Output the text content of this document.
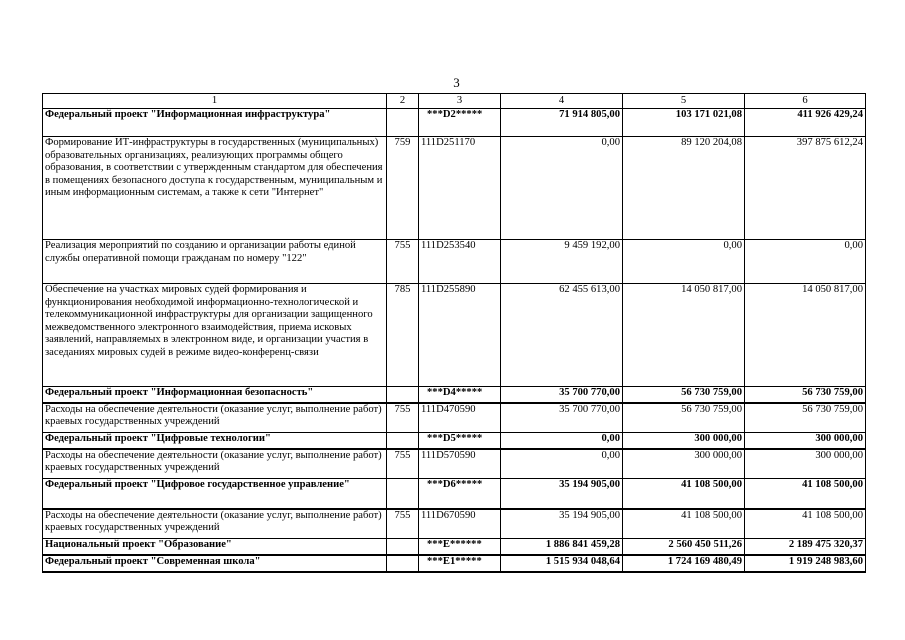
3
1	2	3	4	5	6
Федеральный проект "Информационная инфраструктура"		***D2*****	71 914 805,00	103 171 021,08	411 926 429,24
Формирование ИТ-инфраструктуры в государственных (муниципальных) образовательных организациях, реализующих программы общего образования, в соответствии с утвержденным стандартом для обеспечения в помещениях безопасного доступа к государственным, муниципальным и иным информационным системам, а также к сети "Интернет"	759	111D251170	0,00	89 120 204,08	397 875 612,24
Реализация мероприятий по созданию и организации работы единой службы оперативной помощи гражданам по номеру "122"	755	111D253540	9 459 192,00	0,00	0,00
Обеспечение на участках мировых судей формирования и функционирования необходимой информационно-технологической и телекоммуникационной инфраструктуры для организации защищенного межведомственного электронного взаимодействия, приема исковых заявлений, направляемых в электронном виде, и организации участия в заседаниях мировых судей в режиме видео-конференц-связи	785	111D255890	62 455 613,00	14 050 817,00	14 050 817,00
Федеральный проект "Информационная безопасность"		***D4*****	35 700 770,00	56 730 759,00	56 730 759,00
Расходы на обеспечение деятельности (оказание услуг, выполнение работ) краевых государственных учреждений	755	111D470590	35 700 770,00	56 730 759,00	56 730 759,00
Федеральный проект "Цифровые технологии"		***D5*****	0,00	300 000,00	300 000,00
Расходы на обеспечение деятельности (оказание услуг, выполнение работ) краевых государственных учреждений	755	111D570590	0,00	300 000,00	300 000,00
Федеральный проект "Цифровое государственное управление"		***D6*****	35 194 905,00	41 108 500,00	41 108 500,00
Расходы на обеспечение деятельности (оказание услуг, выполнение работ) краевых государственных учреждений	755	111D670590	35 194 905,00	41 108 500,00	41 108 500,00
Национальный проект "Образование"		***E******	1 886 841 459,28	2 560 450 511,26	2 189 475 320,37
Федеральный проект "Современная школа"		***E1*****	1 515 934 048,64	1 724 169 480,49	1 919 248 983,60
